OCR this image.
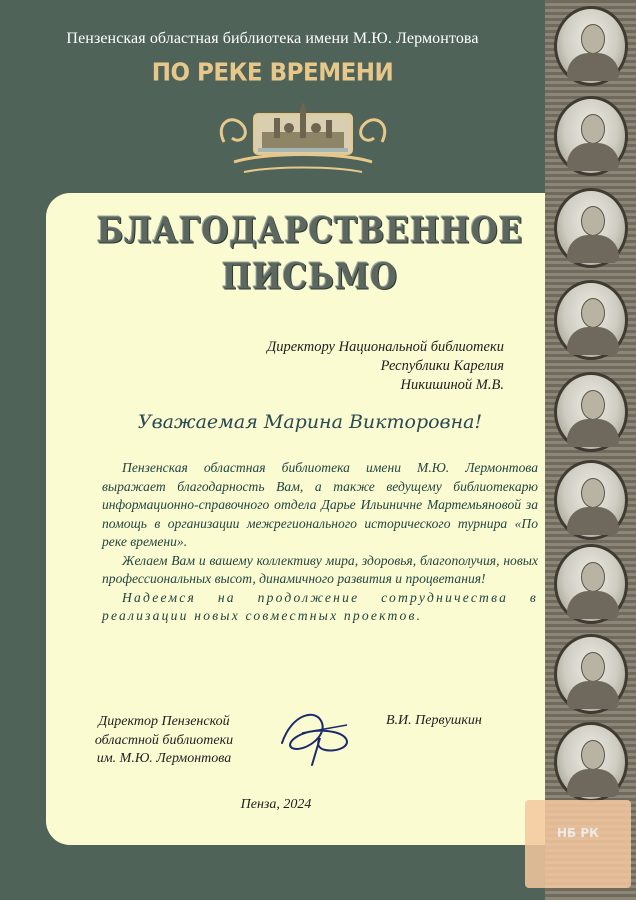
Пензенская областная библиотека имени М.Ю. Лермонтова
ПО РЕКЕ ВРЕМЕНИ
БЛАГОДАРСТВЕННОЕ
ПИСЬМО
Директору Национальной библиотеки
Республики Карелия
Никишиной М.В.
Уважаемая Марина Викторовна!

Пензенская областная библиотека имени М.Ю. Лермонтова выражает благодарность Вам, а также ведущему библиотекарю информационно-справочного отдела Дарье Ильиничне Мартемьяновой за помощь в организации межрегионального исторического турнира «По реке времени».

Желаем Вам и вашему коллективу мира, здоровья, благополучия, новых профессиональных высот, динамичного развития и процветания!

Надеемся на продолжение сотрудничества в реализации новых совместных проектов.

Директор Пензенской
областной библиотеки
им. М.Ю. Лермонтова
В.И. Первушкин
Пенза, 2024
НБ РК
